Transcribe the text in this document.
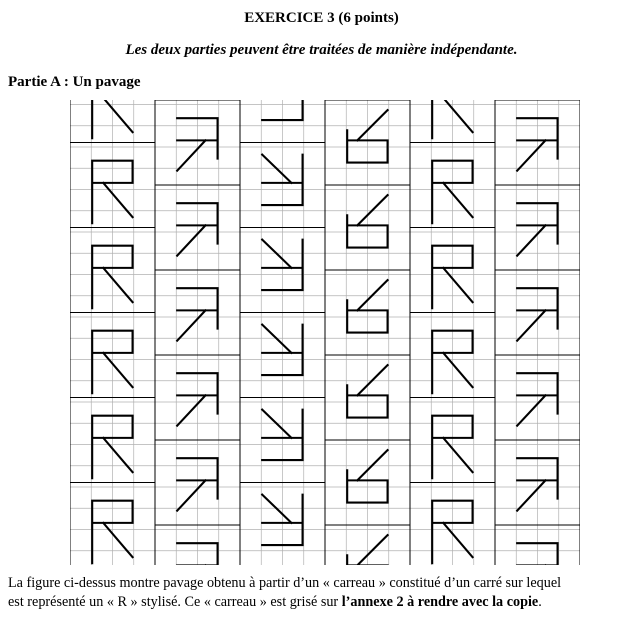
EXERCICE 3 (6 points)
Les deux parties peuvent être traitées de manière indépendante.
Partie A : Un pavage
La figure ci-dessus montre pavage obtenu à partir d’un « carreau » constitué d’un carré sur lequel
est représenté un « R » stylisé. Ce « carreau » est grisé sur l’annexe 2 à rendre avec la copie.
